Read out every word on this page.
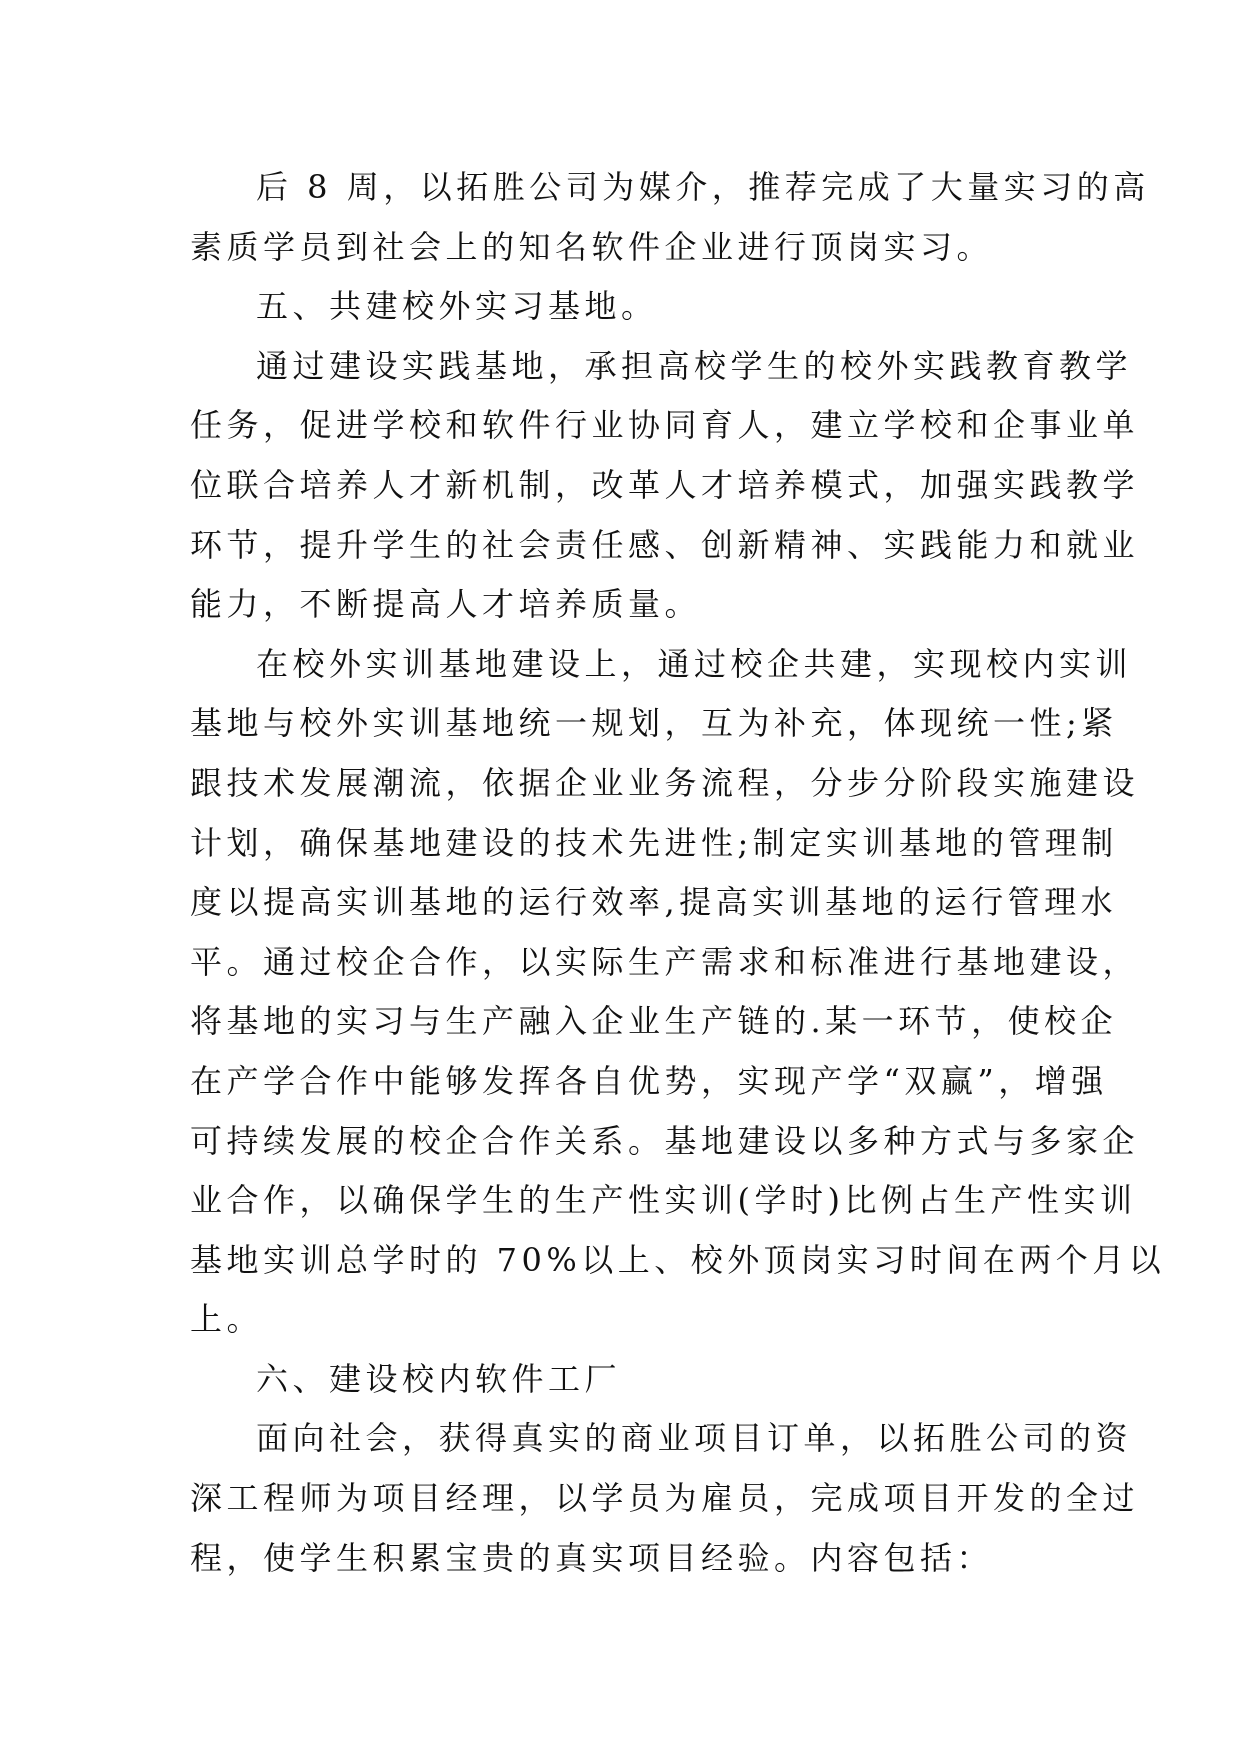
后 8 周，以拓胜公司为媒介，推荐完成了大量实习的高
素质学员到社会上的知名软件企业进行顶岗实习。

五、共建校外实习基地。

通过建设实践基地，承担高校学生的校外实践教育教学
任务，促进学校和软件行业协同育人，建立学校和企事业单
位联合培养人才新机制，改革人才培养模式，加强实践教学
环节，提升学生的社会责任感、创新精神、实践能力和就业
能力，不断提高人才培养质量。

在校外实训基地建设上，通过校企共建，实现校内实训
基地与校外实训基地统一规划，互为补充，体现统一性;紧
跟技术发展潮流，依据企业业务流程，分步分阶段实施建设
计划，确保基地建设的技术先进性;制定实训基地的管理制
度以提高实训基地的运行效率,提高实训基地的运行管理水
平。通过校企合作，以实际生产需求和标准进行基地建设，
将基地的实习与生产融入企业生产链的.某一环节，使校企
在产学合作中能够发挥各自优势，实现产学“双赢”，增强
可持续发展的校企合作关系。基地建设以多种方式与多家企
业合作，以确保学生的生产性实训(学时)比例占生产性实训
基地实训总学时的 70%以上、校外顶岗实习时间在两个月以
上。

六、建设校内软件工厂

面向社会，获得真实的商业项目订单，以拓胜公司的资
深工程师为项目经理，以学员为雇员，完成项目开发的全过
程，使学生积累宝贵的真实项目经验。内容包括：
